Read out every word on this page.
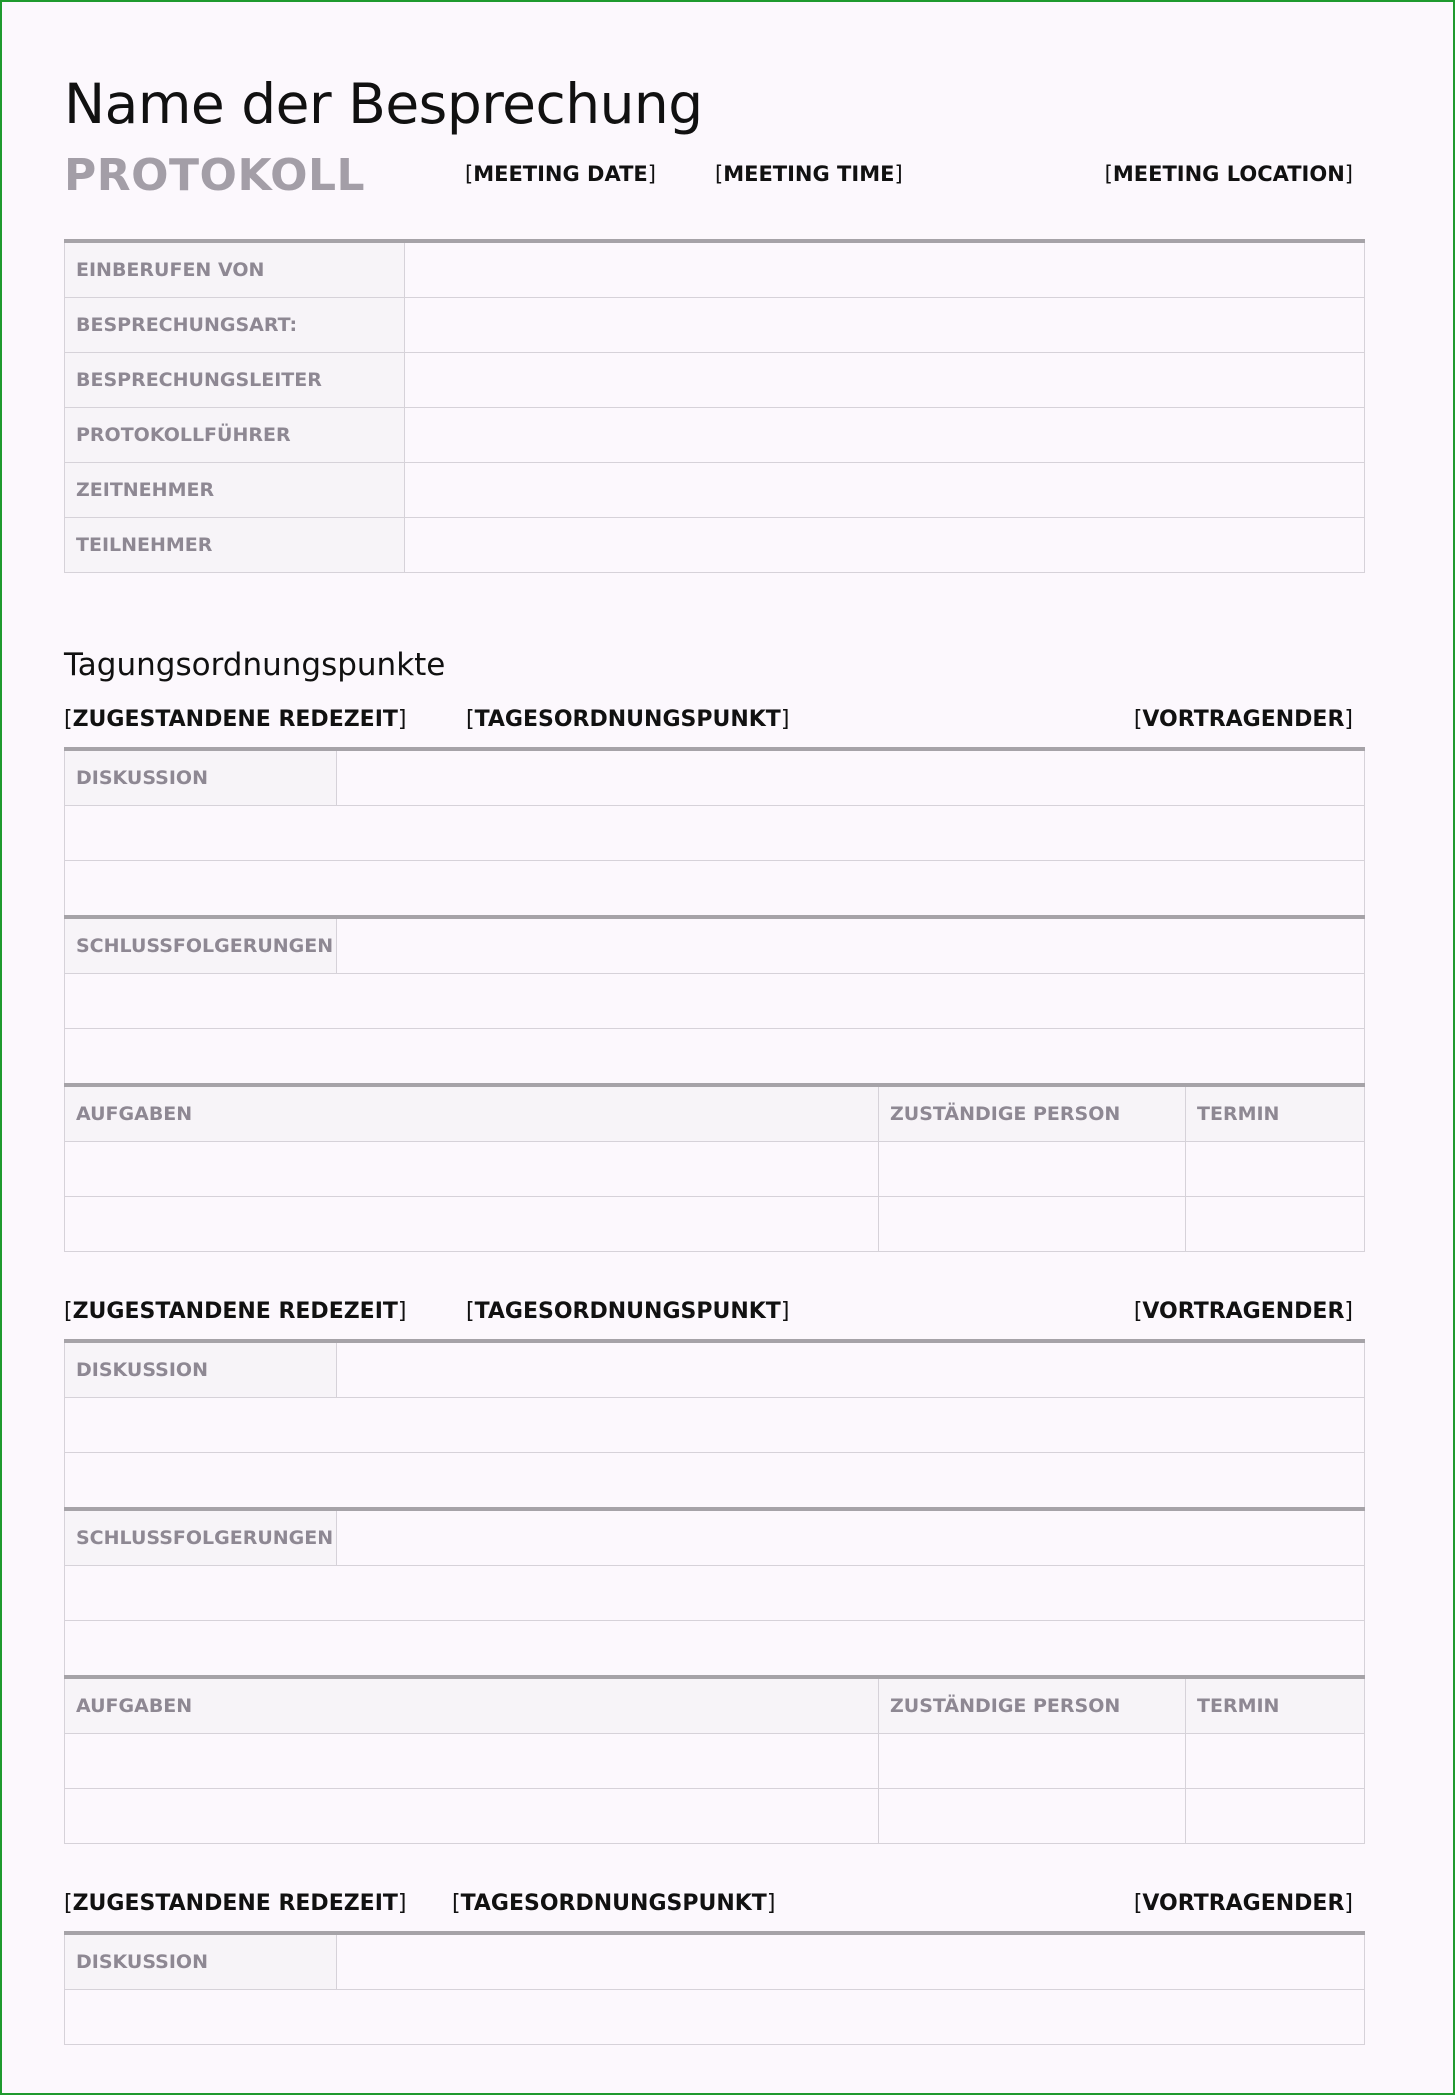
Name der Besprechung
PROTOKOLL	[MEETING DATE]	[MEETING TIME]	[MEETING LOCATION]
EINBERUFEN VON	
BESPRECHUNGSART:	
BESPRECHUNGSLEITER	
PROTOKOLLFÜHRER	
ZEITNEHMER	
TEILNEHMER	
Tagungsordnungspunkte
[ZUGESTANDENE REDEZEIT]	[TAGESORDNUNGSPUNKT]	[VORTRAGENDER]
DISKUSSION			

SCHLUSSFOLGERUNGEN			

AUFGABEN		ZUSTÄNDIGE PERSON	TERMIN

[ZUGESTANDENE REDEZEIT]	[TAGESORDNUNGSPUNKT]	[VORTRAGENDER]
DISKUSSION			

SCHLUSSFOLGERUNGEN			

AUFGABEN		ZUSTÄNDIGE PERSON	TERMIN

[ZUGESTANDENE REDEZEIT] [TAGESORDNUNGSPUNKT]	[VORTRAGENDER]
DISKUSSION	
